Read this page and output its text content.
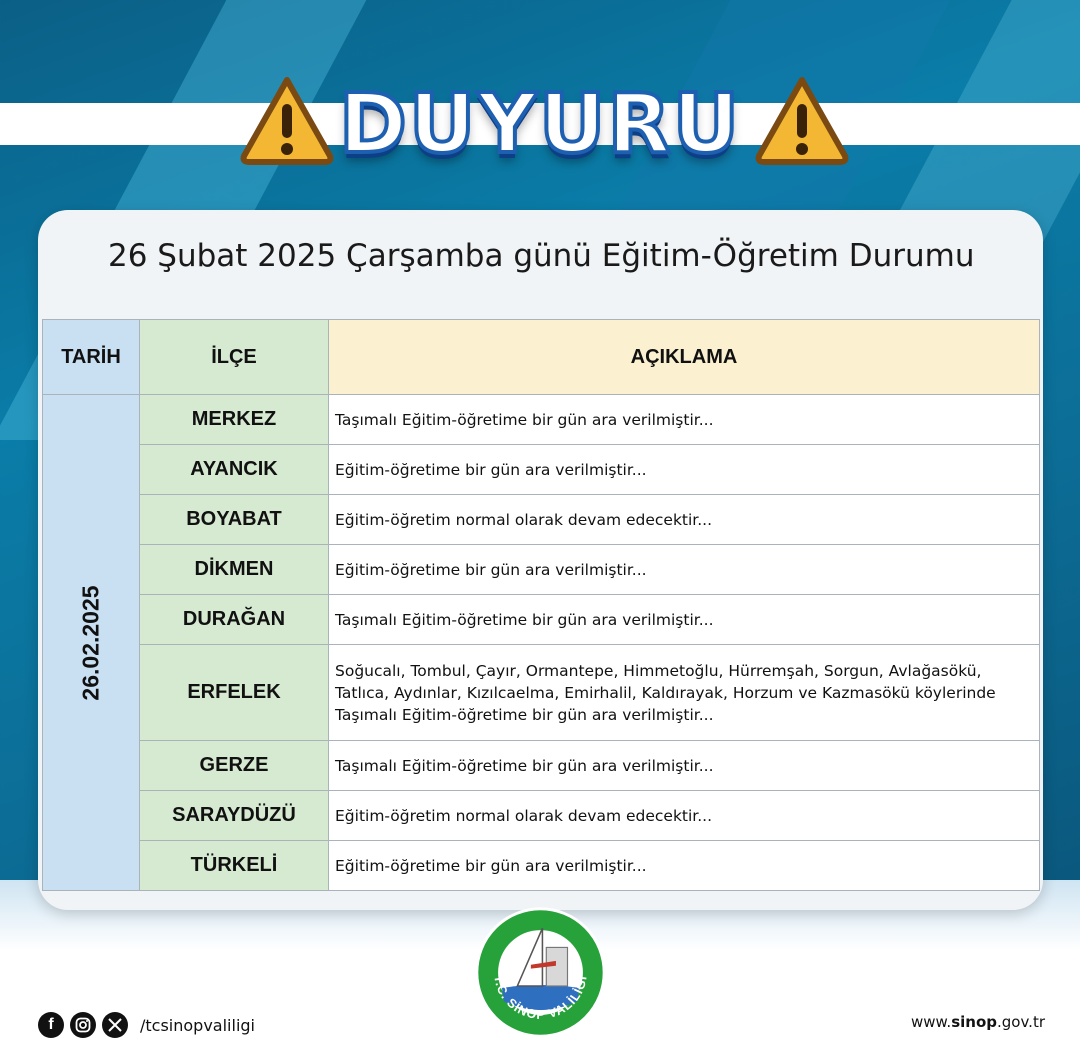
DUYURU
26 Şubat 2025 Çarşamba günü Eğitim-Öğretim Durumu
TARİH	İLÇE	AÇIKLAMA

26.02.2025	MERKEZ	Taşımalı Eğitim-öğretime bir gün ara verilmiştir...
	AYANCIK	Eğitim-öğretime bir gün ara verilmiştir...
	BOYABAT	Eğitim-öğretim normal olarak devam edecektir...
	DİKMEN	Eğitim-öğretime bir gün ara verilmiştir...
	DURAĞAN	Taşımalı Eğitim-öğretime bir gün ara verilmiştir...
	ERFELEK	Soğucalı, Tombul, Çayır, Ormantepe, Himmetoğlu, Hürremşah, Sorgun, Avlağasökü, Tatlıca, Aydınlar, Kızılcaelma, Emirhalil, Kaldırayak, Horzum ve Kazmasökü köylerinde Taşımalı Eğitim-öğretime bir gün ara verilmiştir...
	GERZE	Taşımalı Eğitim-öğretime bir gün ara verilmiştir...
	SARAYDÜZÜ	Eğitim-öğretim normal olarak devam edecektir...
	TÜRKELİ	Eğitim-öğretime bir gün ara verilmiştir...
T.C. SİNOP VALİLİĞİ
f	/tcsinopvaliligi	www.sinop.gov.tr
